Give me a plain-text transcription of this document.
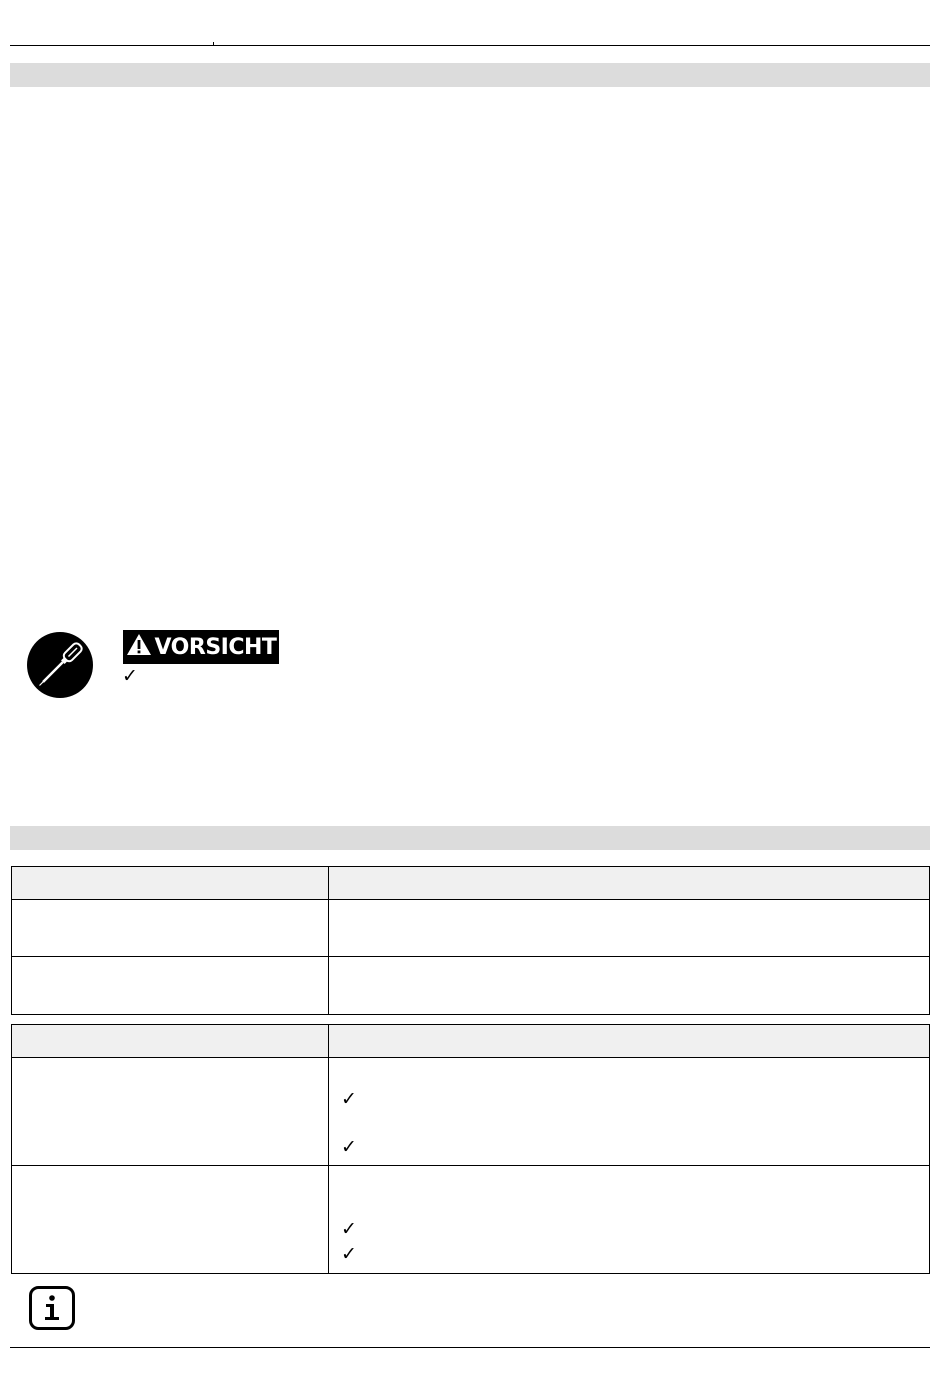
VORSICHT
✓

✓
✓
✓
✓
